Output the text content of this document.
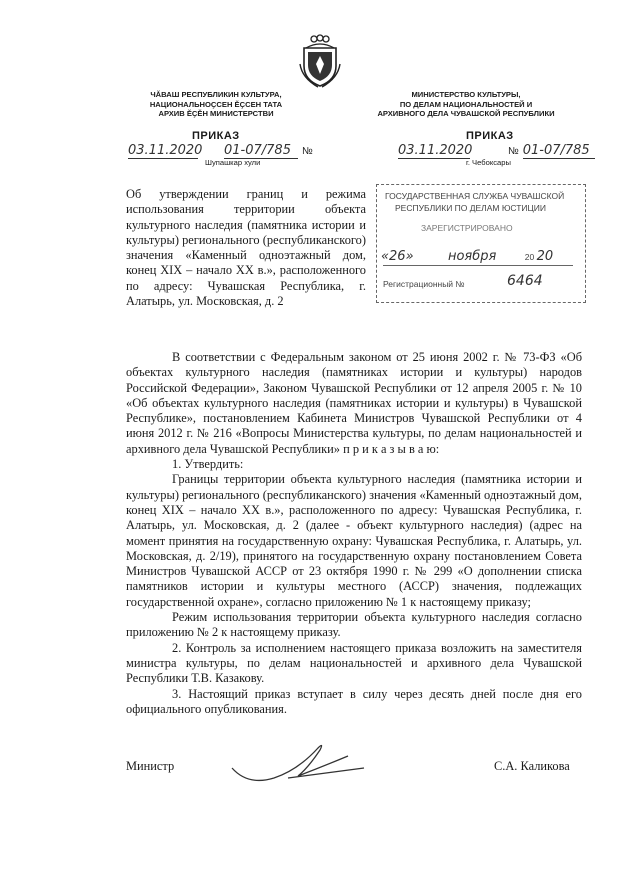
ЧӐВАШ РЕСПУБЛИКИН КУЛЬТУРА,
НАЦИОНАЛЬНОҪСЕН ӖҪСЕН ТАТА
АРХИВ ӖҪӖН МИНИСТЕРСТВИ
ПРИКАЗ
03.11.2020 01-07/785 №
Шупашкар хули
МИНИСТЕРСТВО КУЛЬТУРЫ,
ПО ДЕЛАМ НАЦИОНАЛЬНОСТЕЙ И
АРХИВНОГО ДЕЛА ЧУВАШСКОЙ РЕСПУБЛИКИ
ПРИКАЗ
03.11.2020	№ 01-07/785
г. Чебоксары
Об утверждении границ и режима использования территории объекта культурного наследия (памятника истории и культуры) регионального (республиканского) значения «Каменный одноэтажный дом, конец XIX – начало XX в.», расположенного по адресу: Чувашская Республика, г. Алатырь, ул. Московская, д. 2
ГОСУДАРСТВЕННАЯ СЛУЖБА ЧУВАШСКОЙ
РЕСПУБЛИКИ ПО ДЕЛАМ ЮСТИЦИИ
ЗАРЕГИСТРИРОВАНО
«26»	ноября	20 20
Регистрационный №	6464

В соответствии с Федеральным законом от 25 июня 2002 г. № 73-ФЗ «Об объектах культурного наследия (памятниках истории и культуры) народов Российской Федерации», Законом Чувашской Республики от 12 апреля 2005 г. № 10 «Об объектах культурного наследия (памятниках истории и культуры) в Чувашской Республике», постановлением Кабинета Министров Чувашской Республики от 4 июня 2012 г. № 216 «Вопросы Министерства культуры, по делам национальностей и архивного дела Чувашской Республики» п р и к а з ы в а ю:

1. Утвердить:

Границы территории объекта культурного наследия (памятника истории и культуры) регионального (республиканского) значения «Каменный одноэтажный дом, конец XIX – начало XX в.», расположенного по адресу: Чувашская Республика, г. Алатырь, ул. Московская, д. 2 (далее - объект культурного наследия) (адрес на момент принятия на государственную охрану: Чувашская Республика, г. Алатырь, ул. Московская, д. 2/19), принятого на государственную охрану постановлением Совета Министров Чувашской АССР от 23 октября 1990 г. № 299 «О дополнении списка памятников истории и культуры местного (АССР) значения, подлежащих государственной охране», согласно приложению № 1 к настоящему приказу;

Режим использования территории объекта культурного наследия согласно приложению № 2 к настоящему приказу.

2. Контроль за исполнением настоящего приказа возложить на заместителя министра культуры, по делам национальностей и архивного дела Чувашской Республики Т.В. Казакову.

3. Настоящий приказ вступает в силу через десять дней после дня его официального опубликования.

Министр	С.А. Каликова
